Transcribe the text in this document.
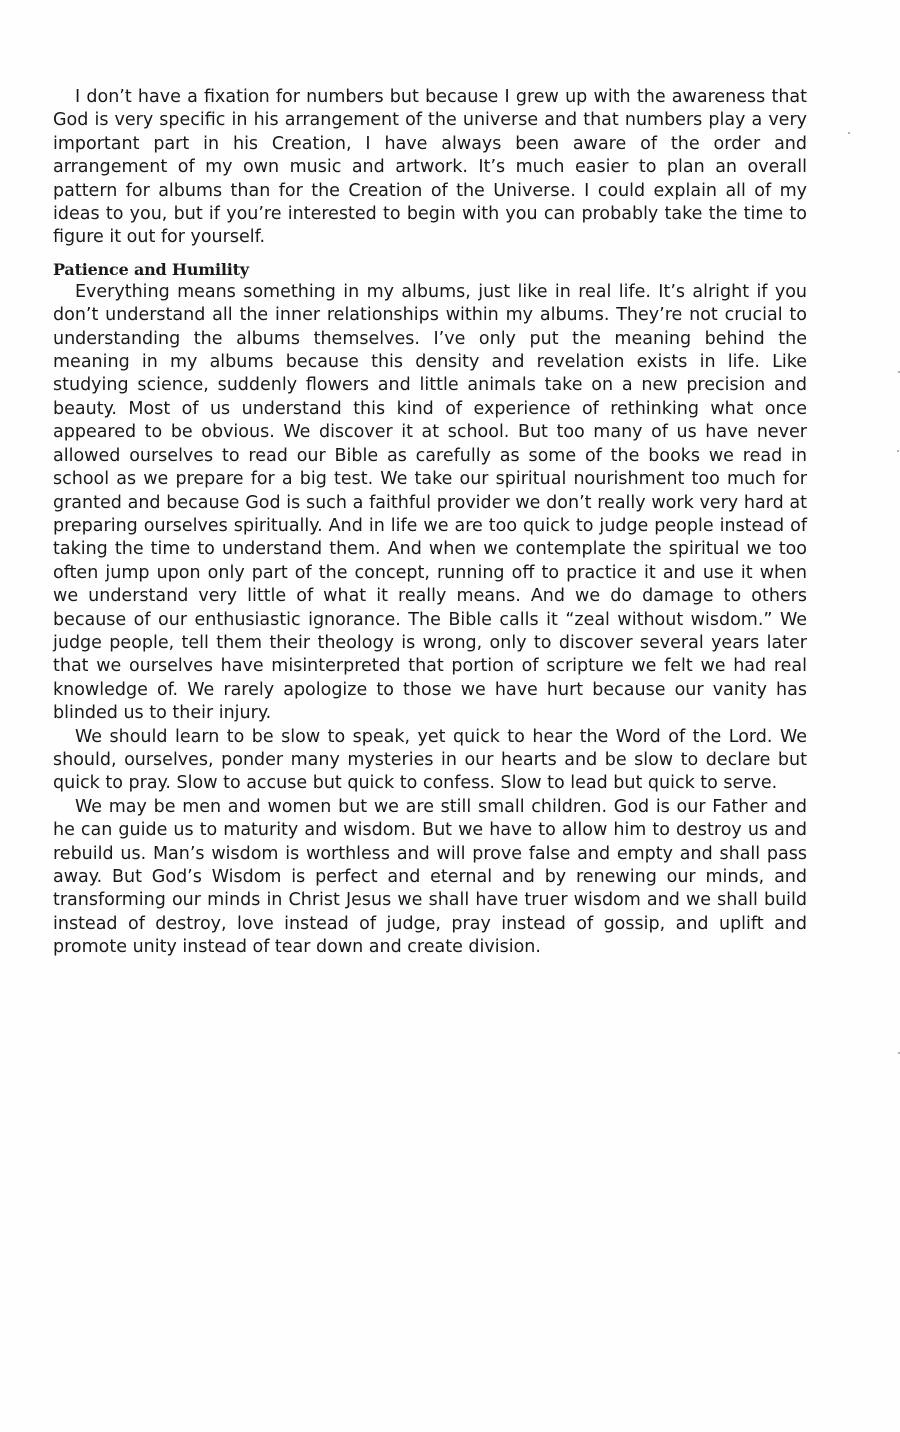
I don’t have a fixation for numbers but because I grew up with the awareness that God is very specific in his arrangement of the universe and that numbers play a very important part in his Creation, I have always been aware of the order and arrangement of my own music and artwork. It’s much easier to plan an overall pattern for albums than for the Creation of the Universe. I could explain all of my ideas to you, but if you’re interested to begin with you can probably take the time to figure it out for yourself.

Patience and Humility

Everything means something in my albums, just like in real life. It’s alright if you don’t understand all the inner relationships within my albums. They’re not crucial to understanding the albums themselves. I’ve only put the meaning behind the meaning in my albums because this density and revelation exists in life. Like studying science, suddenly flowers and little animals take on a new precision and beauty. Most of us understand this kind of experience of rethinking what once appeared to be obvious. We discover it at school. But too many of us have never allowed ourselves to read our Bible as carefully as some of the books we read in school as we prepare for a big test. We take our spiritual nourishment too much for granted and because God is such a faithful provider we don’t really work very hard at preparing ourselves spiritually. And in life we are too quick to judge people instead of taking the time to understand them. And when we contemplate the spiritual we too often jump upon only part of the concept, running off to practice it and use it when we understand very little of what it really means. And we do damage to others because of our enthusiastic ignorance. The Bible calls it “zeal without wisdom.” We judge people, tell them their theology is wrong, only to discover several years later that we ourselves have misinterpreted that portion of scripture we felt we had real knowledge of. We rarely apologize to those we have hurt because our vanity has blinded us to their injury.

We should learn to be slow to speak, yet quick to hear the Word of the Lord. We should, ourselves, ponder many mysteries in our hearts and be slow to declare but quick to pray. Slow to accuse but quick to confess. Slow to lead but quick to serve.

We may be men and women but we are still small children. God is our Father and he can guide us to maturity and wisdom. But we have to allow him to destroy us and rebuild us. Man’s wisdom is worthless and will prove false and empty and shall pass away. But God’s Wisdom is perfect and eternal and by renewing our minds, and transforming our minds in Christ Jesus we shall have truer wisdom and we shall build instead of destroy, love instead of judge, pray instead of gossip, and uplift and promote unity instead of tear down and create division.
